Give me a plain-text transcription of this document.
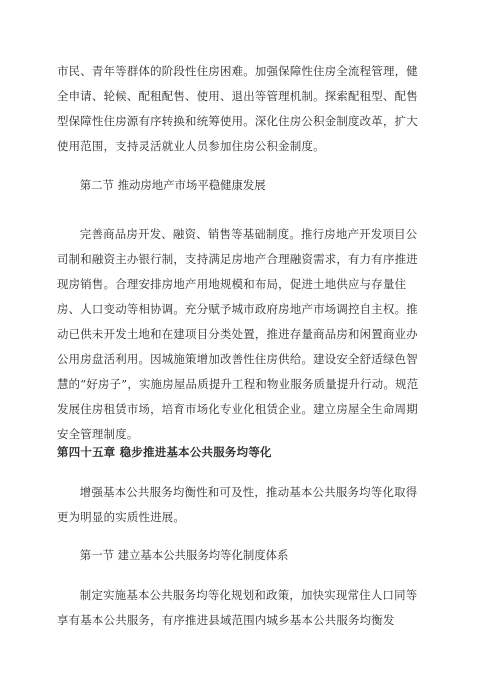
市民、青年等群体的阶段性住房困难。加强保障性住房全流程管理，健全申请、轮候、配租配售、使用、退出等管理机制。探索配租型、配售型保障性住房源有序转换和统筹使用。深化住房公积金制度改革，扩大使用范围，支持灵活就业人员参加住房公积金制度。

第二节 推动房地产市场平稳健康发展

完善商品房开发、融资、销售等基础制度。推行房地产开发项目公司制和融资主办银行制，支持满足房地产合理融资需求，有力有序推进现房销售。合理安排房地产用地规模和布局，促进土地供应与存量住房、人口变动等相协调。充分赋予城市政府房地产市场调控自主权。推动已供未开发土地和在建项目分类处置，推进存量商品房和闲置商业办公用房盘活利用。因城施策增加改善性住房供给。建设安全舒适绿色智慧的“好房子”，实施房屋品质提升工程和物业服务质量提升行动。规范发展住房租赁市场，培育市场化专业化租赁企业。建立房屋全生命周期安全管理制度。

第四十五章 稳步推进基本公共服务均等化

增强基本公共服务均衡性和可及性，推动基本公共服务均等化取得更为明显的实质性进展。

第一节 建立基本公共服务均等化制度体系

制定实施基本公共服务均等化规划和政策，加快实现常住人口同等享有基本公共服务，有序推进县域范围内城乡基本公共服务均衡发
